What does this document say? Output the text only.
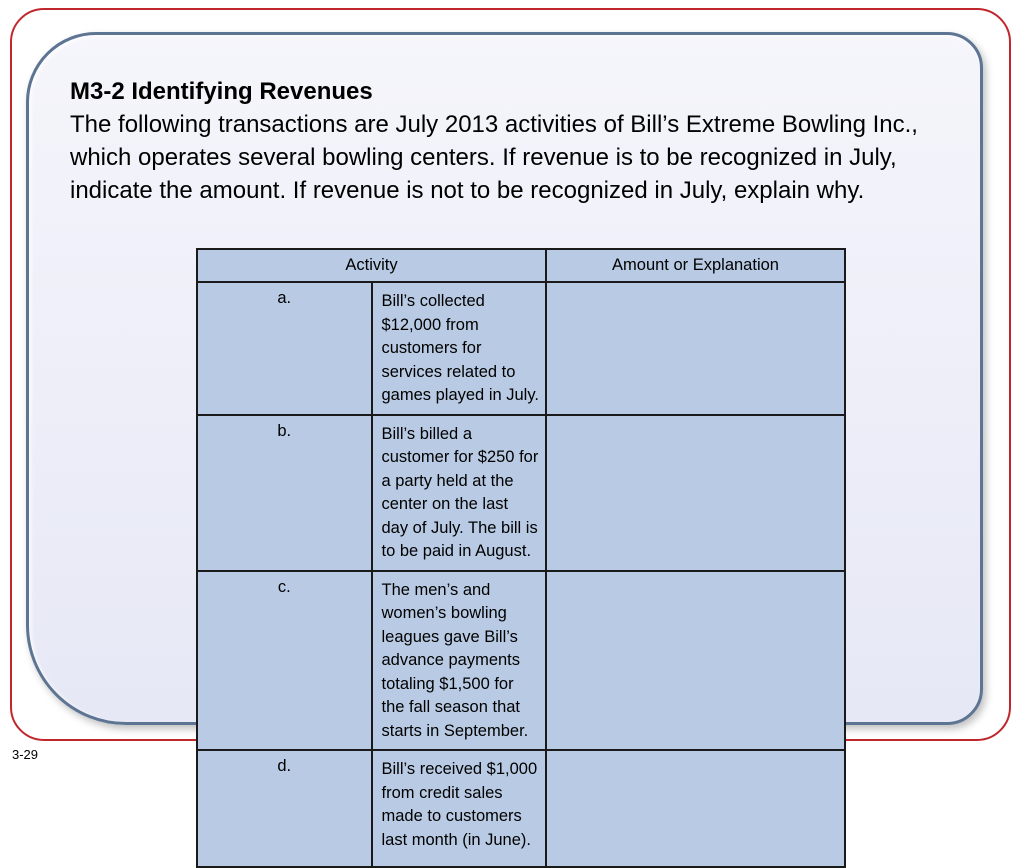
M3-2 Identifying Revenues

The following transactions are July 2013 activities of Bill’s Extreme Bowling Inc., which operates several bowling centers. If revenue is to be recognized in July, indicate the amount. If revenue is not to be recognized in July, explain why.

Activity		Amount or Explanation
a.	Bill’s collected $12,000 from customers for services related to games played in July.	
b.	Bill’s billed a customer for $250 for a party held at the center on the last day of July. The bill is to be paid in August.	
c.	The men’s and women’s bowling leagues gave Bill’s advance payments totaling $1,500 for the fall season that starts in September.	
d.	Bill’s received $1,000 from credit sales made to customers last month (in June).	
3-29
